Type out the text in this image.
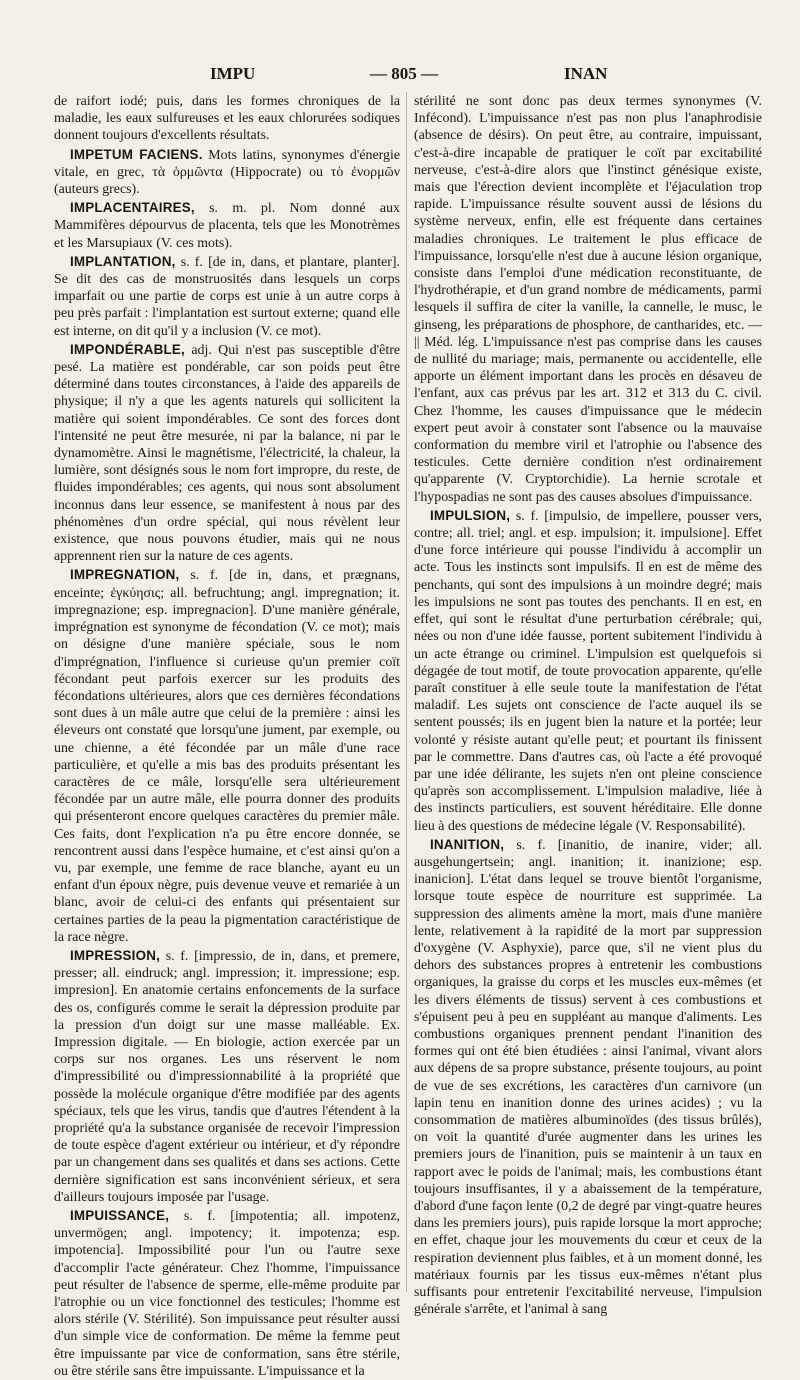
IMPU	— 805 —	INAN

de raifort iodé; puis, dans les formes chroniques de la maladie, les eaux sulfureuses et les eaux chlorurées sodiques donnent toujours d'excellents résultats.

IMPETUM FACIENS. Mots latins, synonymes d'énergie vitale, en grec, τὰ ὁρμῶντα (Hippocrate) ou τὸ ἐνορμῶν (auteurs grecs).

IMPLACENTAIRES, s. m. pl. Nom donné aux Mammifères dépourvus de placenta, tels que les Monotrèmes et les Marsupiaux (V. ces mots).

IMPLANTATION, s. f. [de in, dans, et plantare, planter]. Se dit des cas de monstruosités dans lesquels un corps imparfait ou une partie de corps est unie à un autre corps à peu près parfait : l'implantation est surtout externe; quand elle est interne, on dit qu'il y a inclusion (V. ce mot).

IMPONDÉRABLE, adj. Qui n'est pas susceptible d'être pesé. La matière est pondérable, car son poids peut être déterminé dans toutes circonstances, à l'aide des appareils de physique; il n'y a que les agents naturels qui sollicitent la matière qui soient impondérables. Ce sont des forces dont l'intensité ne peut être mesurée, ni par la balance, ni par le dynamomètre. Ainsi le magnétisme, l'électricité, la chaleur, la lumière, sont désignés sous le nom fort impropre, du reste, de fluides impondérables; ces agents, qui nous sont absolument inconnus dans leur essence, se manifestent à nous par des phénomènes d'un ordre spécial, qui nous révèlent leur existence, que nous pouvons étudier, mais qui ne nous apprennent rien sur la nature de ces agents.

IMPREGNATION, s. f. [de in, dans, et prægnans, enceinte; ἐγκύησις; all. befruchtung; angl. impregnation; it. impregnazione; esp. impregnacion]. D'une manière générale, imprégnation est synonyme de fécondation (V. ce mot); mais on désigne d'une manière spéciale, sous le nom d'imprégnation, l'influence si curieuse qu'un premier coït fécondant peut parfois exercer sur les produits des fécondations ultérieures, alors que ces dernières fécondations sont dues à un mâle autre que celui de la première : ainsi les éleveurs ont constaté que lorsqu'une jument, par exemple, ou une chienne, a été fécondée par un mâle d'une race particulière, et qu'elle a mis bas des produits présentant les caractères de ce mâle, lorsqu'elle sera ultérieurement fécondée par un autre mâle, elle pourra donner des produits qui présenteront encore quelques caractères du premier mâle. Ces faits, dont l'explication n'a pu être encore donnée, se rencontrent aussi dans l'espèce humaine, et c'est ainsi qu'on a vu, par exemple, une femme de race blanche, ayant eu un enfant d'un époux nègre, puis devenue veuve et remariée à un blanc, avoir de celui-ci des enfants qui présentaient sur certaines parties de la peau la pigmentation caractéristique de la race nègre.

IMPRESSION, s. f. [impressio, de in, dans, et premere, presser; all. eindruck; angl. impression; it. impressione; esp. impresion]. En anatomie certains enfoncements de la surface des os, configurés comme le serait la dépression produite par la pression d'un doigt sur une masse malléable. Ex. Impression digitale. — En biologie, action exercée par un corps sur nos organes. Les uns réservent le nom d'impressibilité ou d'impressionnabilité à la propriété que possède la molécule organique d'être modifiée par des agents spéciaux, tels que les virus, tandis que d'autres l'étendent à la propriété qu'a la substance organisée de recevoir l'impression de toute espèce d'agent extérieur ou intérieur, et d'y répondre par un changement dans ses qualités et dans ses actions. Cette dernière signification est sans inconvénient sérieux, et sera d'ailleurs toujours imposée par l'usage.

IMPUISSANCE, s. f. [impotentia; all. impotenz, unvermögen; angl. impotency; it. impotenza; esp. impotencia]. Impossibilité pour l'un ou l'autre sexe d'accomplir l'acte générateur. Chez l'homme, l'impuissance peut résulter de l'absence de sperme, elle-même produite par l'atrophie ou un vice fonctionnel des testicules; l'homme est alors stérile (V. Stérilité). Son impuissance peut résulter aussi d'un simple vice de conformation. De même la femme peut être impuissante par vice de conformation, sans être stérile, ou être stérile sans être impuissante. L'impuissance et la

stérilité ne sont donc pas deux termes synonymes (V. Infécond). L'impuissance n'est pas non plus l'anaphrodisie (absence de désirs). On peut être, au contraire, impuissant, c'est-à-dire incapable de pratiquer le coït par excitabilité nerveuse, c'est-à-dire alors que l'instinct génésique existe, mais que l'érection devient incomplète et l'éjaculation trop rapide. L'impuissance résulte souvent aussi de lésions du système nerveux, enfin, elle est fréquente dans certaines maladies chroniques. Le traitement le plus efficace de l'impuissance, lorsqu'elle n'est due à aucune lésion organique, consiste dans l'emploi d'une médication reconstituante, de l'hydrothérapie, et d'un grand nombre de médicaments, parmi lesquels il suffira de citer la vanille, la cannelle, le musc, le ginseng, les préparations de phosphore, de cantharides, etc. — || Méd. lég. L'impuissance n'est pas comprise dans les causes de nullité du mariage; mais, permanente ou accidentelle, elle apporte un élément important dans les procès en désaveu de l'enfant, aux cas prévus par les art. 312 et 313 du C. civil. Chez l'homme, les causes d'impuissance que le médecin expert peut avoir à constater sont l'absence ou la mauvaise conformation du membre viril et l'atrophie ou l'absence des testicules. Cette dernière condition n'est ordinairement qu'apparente (V. Cryptorchidie). La hernie scrotale et l'hypospadias ne sont pas des causes absolues d'impuissance.

IMPULSION, s. f. [impulsio, de impellere, pousser vers, contre; all. triel; angl. et esp. impulsion; it. impulsione]. Effet d'une force intérieure qui pousse l'individu à accomplir un acte. Tous les instincts sont impulsifs. Il en est de même des penchants, qui sont des impulsions à un moindre degré; mais les impulsions ne sont pas toutes des penchants. Il en est, en effet, qui sont le résultat d'une perturbation cérébrale; qui, nées ou non d'une idée fausse, portent subitement l'individu à un acte étrange ou criminel. L'impulsion est quelquefois si dégagée de tout motif, de toute provocation apparente, qu'elle paraît constituer à elle seule toute la manifestation de l'état maladif. Les sujets ont conscience de l'acte auquel ils se sentent poussés; ils en jugent bien la nature et la portée; leur volonté y résiste autant qu'elle peut; et pourtant ils finissent par le commettre. Dans d'autres cas, où l'acte a été provoqué par une idée délirante, les sujets n'en ont pleine conscience qu'après son accomplissement. L'impulsion maladive, liée à des instincts particuliers, est souvent héréditaire. Elle donne lieu à des questions de médecine légale (V. Responsabilité).

INANITION, s. f. [inanitio, de inanire, vider; all. ausgehungertsein; angl. inanition; it. inanizione; esp. inanicion]. L'état dans lequel se trouve bientôt l'organisme, lorsque toute espèce de nourriture est supprimée. La suppression des aliments amène la mort, mais d'une manière lente, relativement à la rapidité de la mort par suppression d'oxygène (V. Asphyxie), parce que, s'il ne vient plus du dehors des substances propres à entretenir les combustions organiques, la graisse du corps et les muscles eux-mêmes (et les divers éléments de tissus) servent à ces combustions et s'épuisent peu à peu en suppléant au manque d'aliments. Les combustions organiques prennent pendant l'inanition des formes qui ont été bien étudiées : ainsi l'animal, vivant alors aux dépens de sa propre substance, présente toujours, au point de vue de ses excrétions, les caractères d'un carnivore (un lapin tenu en inanition donne des urines acides) ; vu la consommation de matières albuminoïdes (des tissus brûlés), on voit la quantité d'urée augmenter dans les urines les premiers jours de l'inanition, puis se maintenir à un taux en rapport avec le poids de l'animal; mais, les combustions étant toujours insuffisantes, il y a abaissement de la température, d'abord d'une façon lente (0,2 de degré par vingt-quatre heures dans les premiers jours), puis rapide lorsque la mort approche; en effet, chaque jour les mouvements du cœur et ceux de la respiration deviennent plus faibles, et à un moment donné, les matériaux fournis par les tissus eux-mêmes n'étant plus suffisants pour entretenir l'excitabilité nerveuse, l'impulsion générale s'arrête, et l'animal à sang
